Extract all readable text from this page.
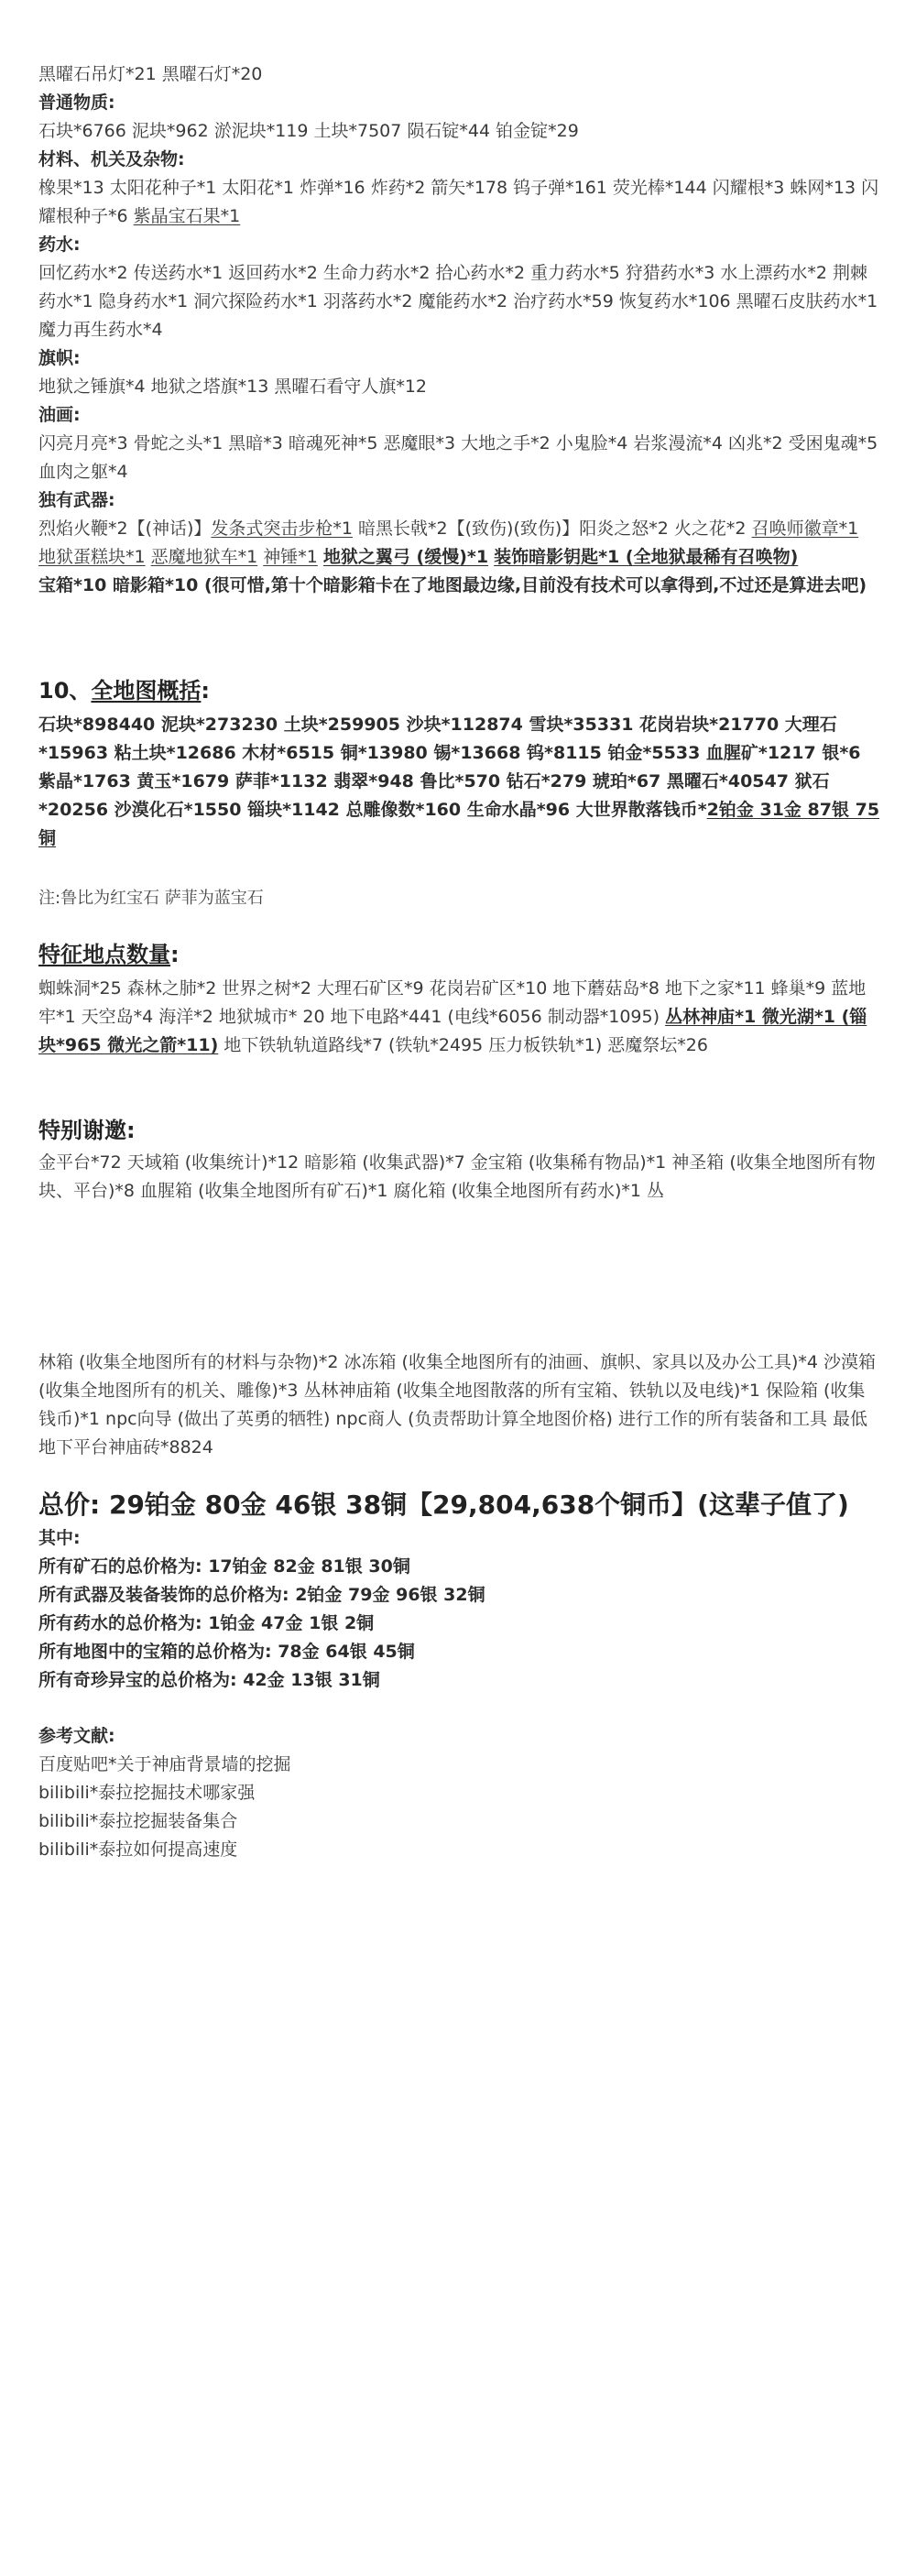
黑曜石吊灯*21 黑曜石灯*20

普通物质:

石块*6766 泥块*962 淤泥块*119 土块*7507 陨石锭*44 铂金锭*29

材料、机关及杂物:

橡果*13 太阳花种子*1 太阳花*1 炸弹*16 炸药*2 箭矢*178 钨子弹*161 荧光棒*144 闪耀根*3 蛛网*13 闪耀根种子*6 紫晶宝石果*1

药水:

回忆药水*2 传送药水*1 返回药水*2 生命力药水*2 拾心药水*2 重力药水*5 狩猎药水*3 水上漂药水*2 荆棘药水*1 隐身药水*1 洞穴探险药水*1 羽落药水*2 魔能药水*2 治疗药水*59 恢复药水*106 黑曜石皮肤药水*1 魔力再生药水*4

旗帜:

地狱之锤旗*4 地狱之塔旗*13 黑曜石看守人旗*12

油画:

闪亮月亮*3 骨蛇之头*1 黑暗*3 暗魂死神*5 恶魔眼*3 大地之手*2 小鬼脸*4 岩浆漫流*4 凶兆*2 受困鬼魂*5 血肉之躯*4

独有武器:

烈焰火鞭*2【(神话)】发条式突击步枪*1 暗黑长戟*2【(致伤)(致伤)】阳炎之怒*2 火之花*2 召唤师徽章*1 地狱蛋糕块*1 恶魔地狱车*1 神锤*1 地狱之翼弓 (缓慢)*1 装饰暗影钥匙*1 (全地狱最稀有召唤物)

宝箱*10 暗影箱*10 (很可惜,第十个暗影箱卡在了地图最边缘,目前没有技术可以拿得到,不过还是算进去吧)

10、全地图概括:

石块*898440 泥块*273230 土块*259905 沙块*112874 雪块*35331 花岗岩块*21770 大理石*15963 粘土块*12686 木材*6515 铜*13980 锡*13668 钨*8115 铂金*5533 血腥矿*1217 银*6 紫晶*1763 黄玉*1679 萨菲*1132 翡翠*948 鲁比*570 钻石*279 琥珀*67 黑曜石*40547 狱石*20256 沙漠化石*1550 锱块*1142 总雕像数*160 生命水晶*96 大世界散落钱币*2铂金 31金 87银 75铜

注:鲁比为红宝石 萨菲为蓝宝石

特征地点数量:

蜘蛛洞*25 森林之肺*2 世界之树*2 大理石矿区*9 花岗岩矿区*10 地下蘑菇岛*8 地下之家*11 蜂巢*9 蓝地牢*1 天空岛*4 海洋*2 地狱城市* 20 地下电路*441 (电线*6056 制动器*1095) 丛林神庙*1 微光湖*1 (锱块*965 微光之箭*11) 地下铁轨轨道路线*7 (铁轨*2495 压力板铁轨*1) 恶魔祭坛*26

特别谢邀:

金平台*72 天域箱 (收集统计)*12 暗影箱 (收集武器)*7 金宝箱 (收集稀有物品)*1 神圣箱 (收集全地图所有物块、平台)*8 血腥箱 (收集全地图所有矿石)*1 腐化箱 (收集全地图所有药水)*1 丛

林箱 (收集全地图所有的材料与杂物)*2 冰冻箱 (收集全地图所有的油画、旗帜、家具以及办公工具)*4 沙漠箱 (收集全地图所有的机关、雕像)*3 丛林神庙箱 (收集全地图散落的所有宝箱、铁轨以及电线)*1 保险箱 (收集钱币)*1 npc向导 (做出了英勇的牺牲) npc商人 (负责帮助计算全地图价格) 进行工作的所有装备和工具 最低地下平台神庙砖*8824

总价: 29铂金 80金 46银 38铜【29,804,638个铜币】(这辈子值了)

其中:

所有矿石的总价格为: 17铂金 82金 81银 30铜

所有武器及装备装饰的总价格为: 2铂金 79金 96银 32铜

所有药水的总价格为: 1铂金 47金 1银 2铜

所有地图中的宝箱的总价格为: 78金 64银 45铜

所有奇珍异宝的总价格为: 42金 13银 31铜

参考文献:

百度贴吧*关于神庙背景墙的挖掘

bilibili*泰拉挖掘技术哪家强

bilibili*泰拉挖掘装备集合

bilibili*泰拉如何提高速度
